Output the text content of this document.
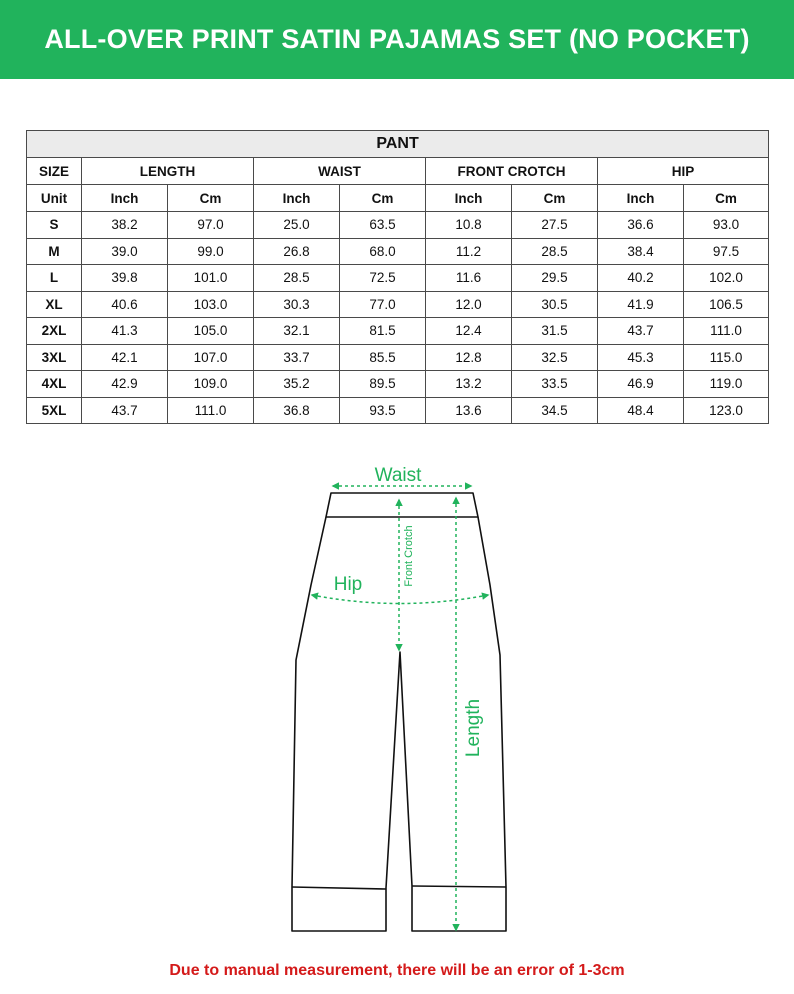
ALL-OVER PRINT SATIN PAJAMAS SET (NO POCKET)
PANT								
SIZE	LENGTH		WAIST		FRONT CROTCH		HIP	
Unit	Inch	Cm	Inch	Cm	Inch	Cm	Inch	Cm
S	38.2	97.0	25.0	63.5	10.8	27.5	36.6	93.0
M	39.0	99.0	26.8	68.0	11.2	28.5	38.4	97.5
L	39.8	101.0	28.5	72.5	11.6	29.5	40.2	102.0
XL	40.6	103.0	30.3	77.0	12.0	30.5	41.9	106.5
2XL	41.3	105.0	32.1	81.5	12.4	31.5	43.7	111.0
3XL	42.1	107.0	33.7	85.5	12.8	32.5	45.3	115.0
4XL	42.9	109.0	35.2	89.5	13.2	33.5	46.9	119.0
5XL	43.7	111.0	36.8	93.5	13.6	34.5	48.4	123.0
Waist
Hip	Front Crotch
Length
Due to manual measurement, there will be an error of 1-3cm
